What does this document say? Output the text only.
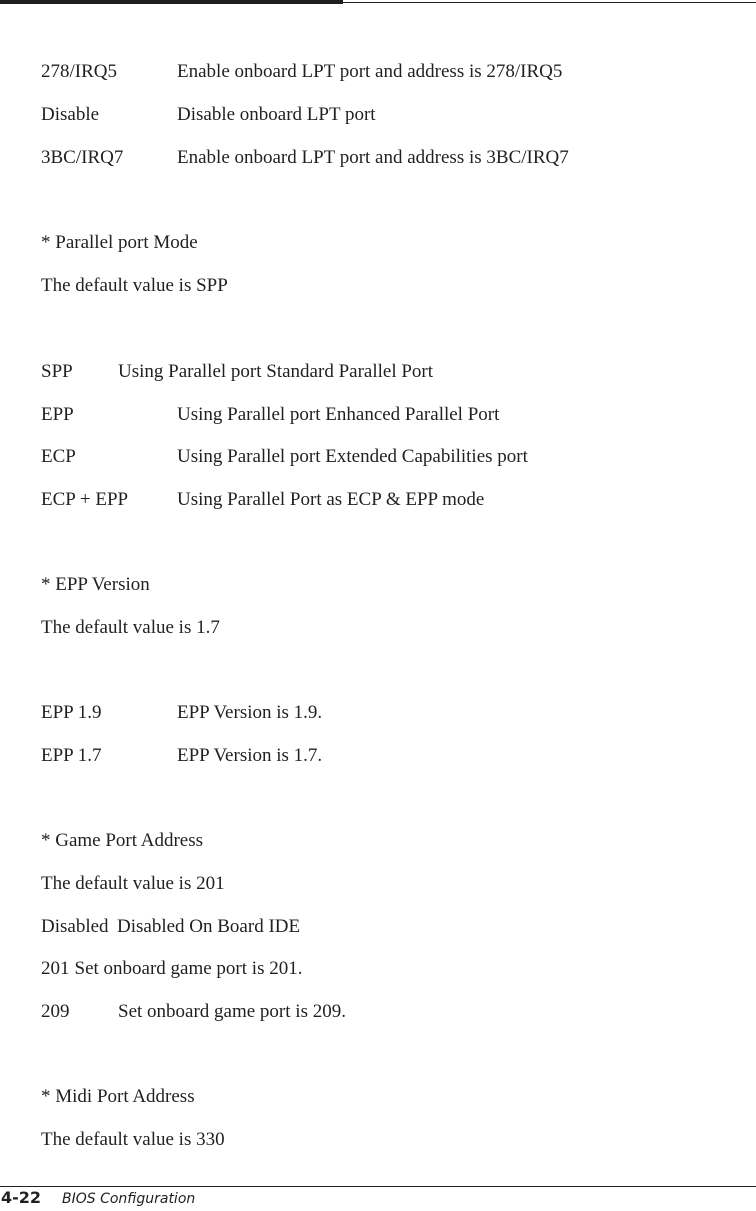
278/IRQ5	Enable onboard LPT port and address is 278/IRQ5
Disable	Disable onboard LPT port
3BC/IRQ7	Enable onboard LPT port and address is 3BC/IRQ7
* Parallel port Mode
The default value is SPP
SPP Using Parallel port Standard Parallel Port
EPP	Using Parallel port Enhanced Parallel Port
ECP	Using Parallel port Extended Capabilities port
ECP + EPP	Using Parallel Port as ECP & EPP mode
* EPP Version
The default value is 1.7
EPP 1.9	EPP Version is 1.9.
EPP 1.7	EPP Version is 1.7.
* Game Port Address
The default value is 201
Disabled Disabled On Board IDE
201 Set onboard game port is 201.
209	Set onboard game port is 209.
* Midi Port Address
The default value is 330
4-22 BIOS Configuration
